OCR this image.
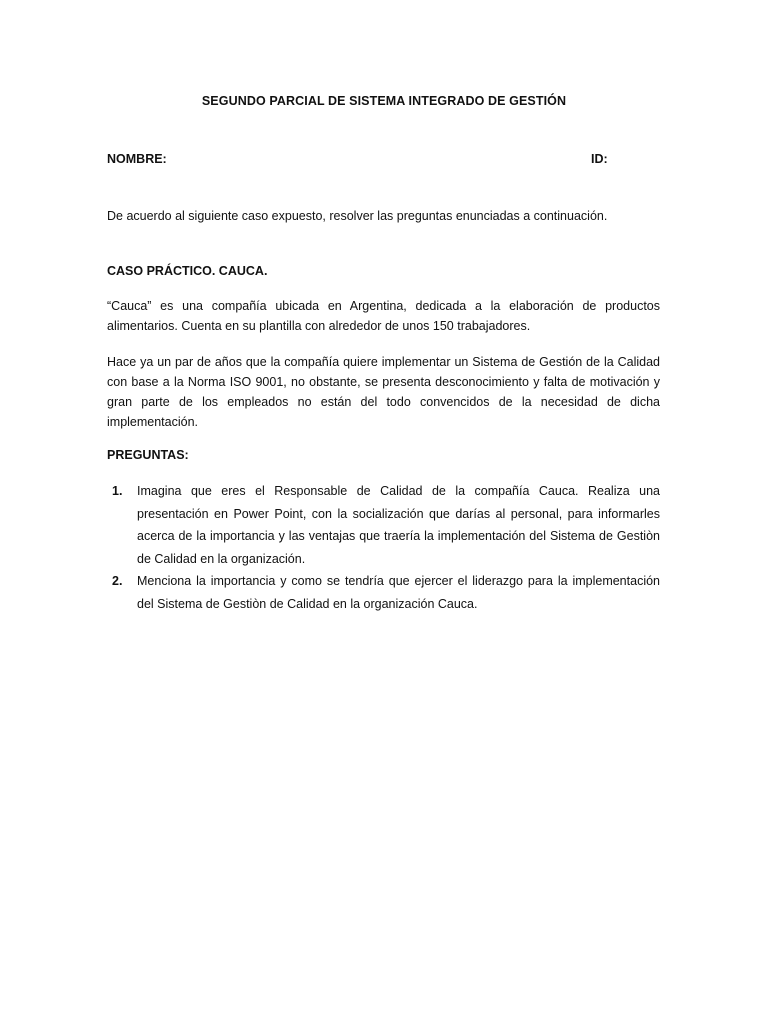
SEGUNDO PARCIAL DE SISTEMA INTEGRADO DE GESTIÓN
NOMBRE:	ID:

De acuerdo al siguiente caso expuesto, resolver las preguntas enunciadas a continuación.

CASO PRÁCTICO. CAUCA.

“Cauca” es una compañía ubicada en Argentina, dedicada a la elaboración de productos alimentarios. Cuenta en su plantilla con alrededor de unos 150 trabajadores.

Hace ya un par de años que la compañía quiere implementar un Sistema de Gestión de la Calidad con base a la Norma ISO 9001, no obstante, se presenta desconocimiento y falta de motivación y gran parte de los empleados no están del todo convencidos de la necesidad de dicha implementación.

PREGUNTAS:
1. Imagina que eres el Responsable de Calidad de la compañía Cauca. Realiza una presentación en Power Point, con la socialización que darías al personal, para informarles acerca de la importancia y las ventajas que traería la implementación del Sistema de Gestiòn de Calidad en la organización.
2. Menciona la importancia y como se tendría que ejercer el liderazgo para la implementación del Sistema de Gestiòn de Calidad en la organización Cauca.
